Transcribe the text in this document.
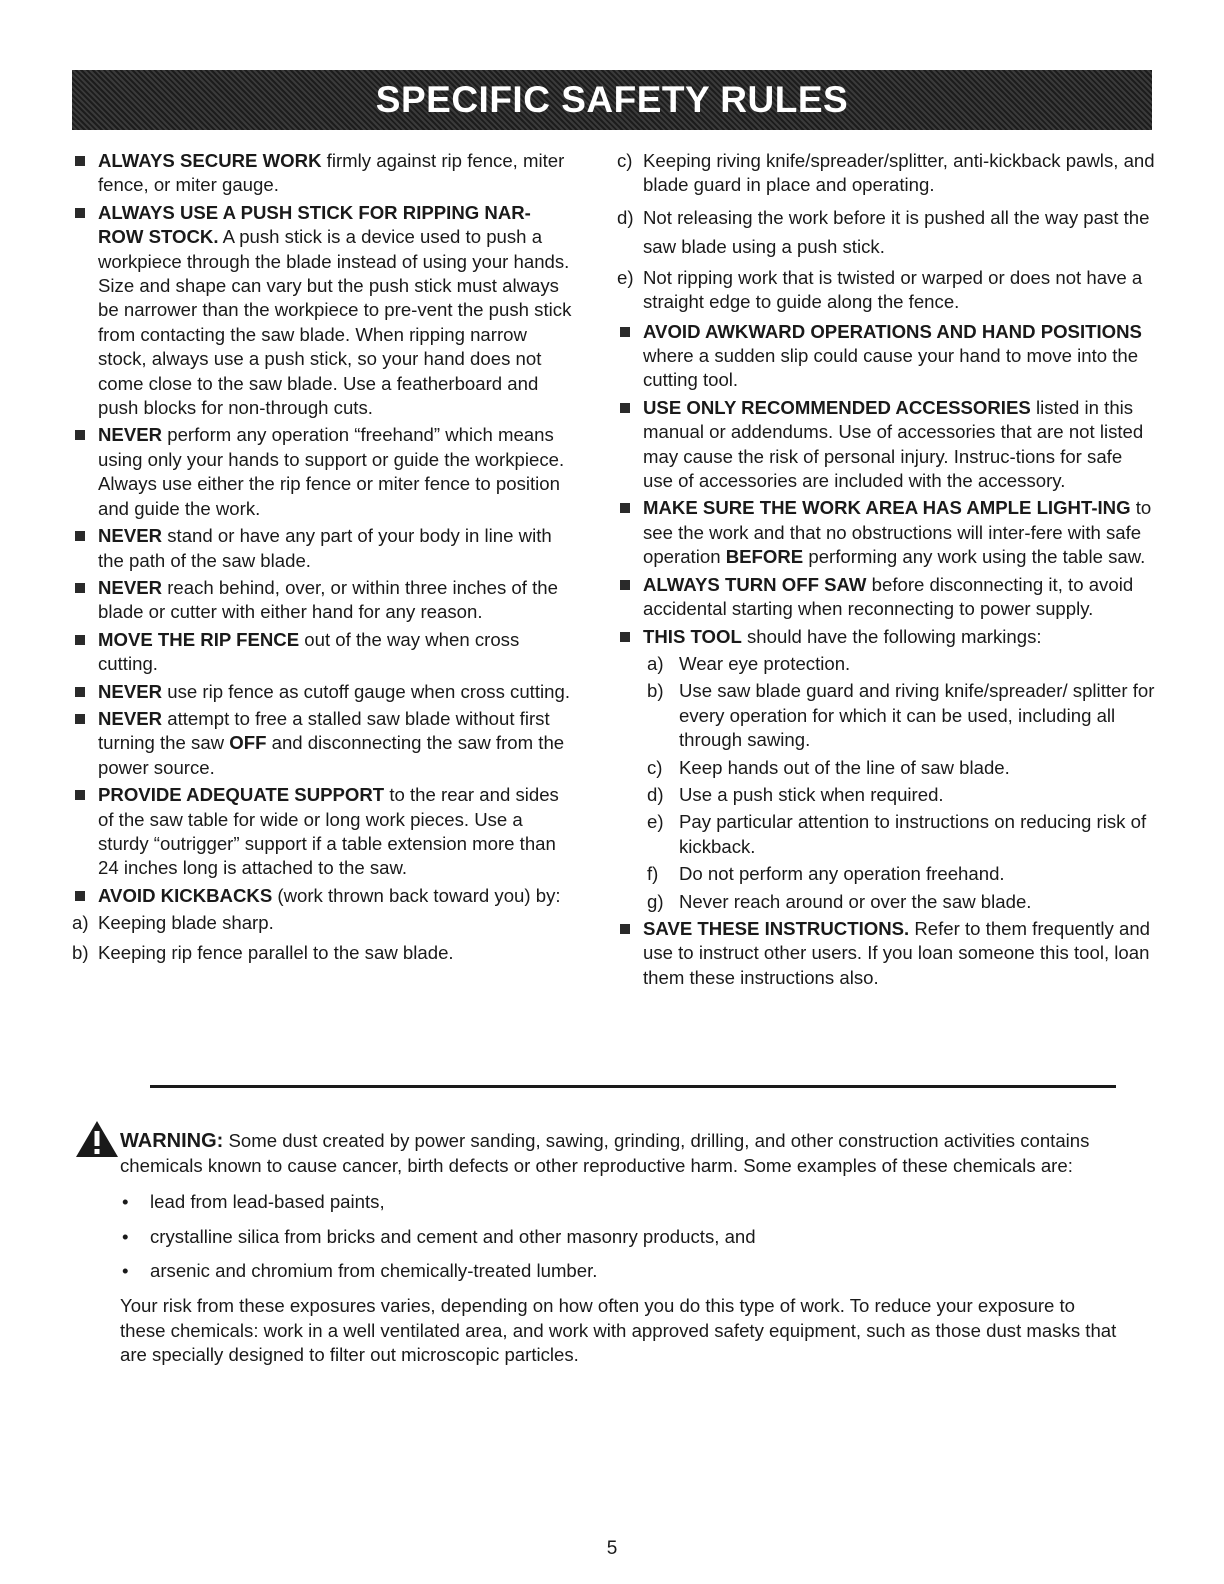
SPECIFIC SAFETY RULES
ALWAYS SECURE WORK firmly against rip fence, miter fence, or miter gauge.
ALWAYS USE A PUSH STICK FOR RIPPING NAR-ROW STOCK. A push stick is a device used to push a workpiece through the blade instead of using your hands. Size and shape can vary but the push stick must always be narrower than the workpiece to pre-vent the push stick from contacting the saw blade. When ripping narrow stock, always use a push stick, so your hand does not come close to the saw blade. Use a featherboard and push blocks for non-through cuts.
NEVER perform any operation “freehand” which means using only your hands to support or guide the workpiece. Always use either the rip fence or miter fence to position and guide the work.
NEVER stand or have any part of your body in line with the path of the saw blade.
NEVER reach behind, over, or within three inches of the blade or cutter with either hand for any reason.
MOVE THE RIP FENCE out of the way when cross cutting.
NEVER use rip fence as cutoff gauge when cross cutting.
NEVER attempt to free a stalled saw blade without first turning the saw OFF and disconnecting the saw from the power source.
PROVIDE ADEQUATE SUPPORT to the rear and sides of the saw table for wide or long work pieces. Use a sturdy “outrigger” support if a table extension more than 24 inches long is attached to the saw.
AVOID KICKBACKS (work thrown back toward you) by:
a) Keeping blade sharp.
b) Keeping rip fence parallel to the saw blade.
c) Keeping riving knife/spreader/splitter, anti-kickback pawls, and blade guard in place and operating.
d) Not releasing the work before it is pushed all the way past the saw blade using a push stick.
e) Not ripping work that is twisted or warped or does not have a straight edge to guide along the fence.
AVOID AWKWARD OPERATIONS AND HAND POSITIONS where a sudden slip could cause your hand to move into the cutting tool.
USE ONLY RECOMMENDED ACCESSORIES listed in this manual or addendums. Use of accessories that are not listed may cause the risk of personal injury. Instruc-tions for safe use of accessories are included with the accessory.
MAKE SURE THE WORK AREA HAS AMPLE LIGHT-ING to see the work and that no obstructions will inter-fere with safe operation BEFORE performing any work using the table saw.
ALWAYS TURN OFF SAW before disconnecting it, to avoid accidental starting when reconnecting to power supply.
THIS TOOL should have the following markings:
a) Wear eye protection.
b) Use saw blade guard and riving knife/spreader/ splitter for every operation for which it can be used, including all through sawing.
c) Keep hands out of the line of saw blade.
d) Use a push stick when required.
e) Pay particular attention to instructions on reducing risk of kickback.
f) Do not perform any operation freehand.
g) Never reach around or over the saw blade.
SAVE THESE INSTRUCTIONS. Refer to them frequently and use to instruct other users. If you loan someone this tool, loan them these instructions also.
WARNING: Some dust created by power sanding, sawing, grinding, drilling, and other construction activities contains chemicals known to cause cancer, birth defects or other reproductive harm. Some examples of these chemicals are:
• lead from lead-based paints,
• crystalline silica from bricks and cement and other masonry products, and
• arsenic and chromium from chemically-treated lumber.
Your risk from these exposures varies, depending on how often you do this type of work. To reduce your exposure to these chemicals: work in a well ventilated area, and work with approved safety equipment, such as those dust masks that are specially designed to filter out microscopic particles.
5
